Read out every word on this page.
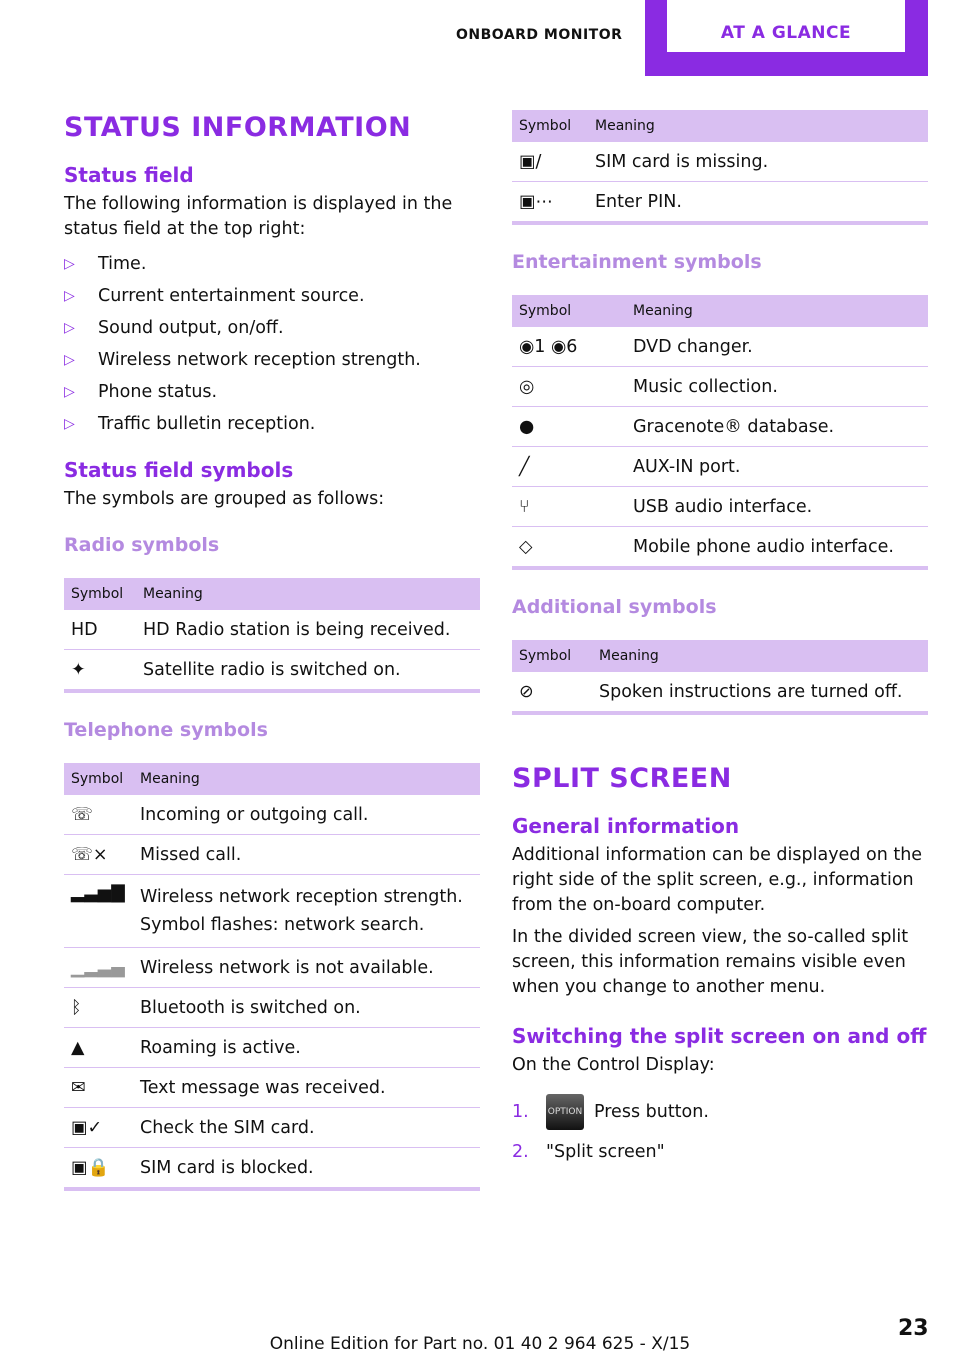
ONBOARD MONITOR	AT A GLANCE
STATUS INFORMATION
Status field

The following information is displayed in the status field at the top right:

▷ Time.
▷ Current entertainment source.
▷ Sound output, on/off.
▷ Wireless network reception strength.
▷ Phone status.
▷ Traffic bulletin reception.
Status field symbols

The symbols are grouped as follows:

Radio symbols
Symbol	Meaning
HD	HD Radio station is being received.
✦	Satellite radio is switched on.
Telephone symbols
Symbol	Meaning
☏	Incoming or outgoing call.
☏×	Missed call.
▂▃▅▇	Wireless network reception strength.
Symbol flashes: network search.

▁▂▃▄	Wireless network is not available.
ᛒ	Bluetooth is switched on.
▲	Roaming is active.
✉	Text message was received.
▣✓	Check the SIM card.
▣🔒	SIM card is blocked.
Symbol	Meaning
▣/	SIM card is missing.
▣⋯	Enter PIN.
Entertainment symbols
Symbol	Meaning
◉1 ◉6	DVD changer.
◎	Music collection.
●	Gracenote® database.
╱	AUX-IN port.
⑂	USB audio interface.
◇	Mobile phone audio interface.
Additional symbols
Symbol	Meaning
⊘	Spoken instructions are turned off.
SPLIT SCREEN
General information

Additional information can be displayed on the right side of the split screen, e.g., information from the on-board computer.

In the divided screen view, the so-called split screen, this information remains visible even when you change to another menu.

Switching the split screen on and off

On the Control Display:

1. OPTION Press button.
2. "Split screen"
Online Edition for Part no. 01 40 2 964 625 - X/15
23
